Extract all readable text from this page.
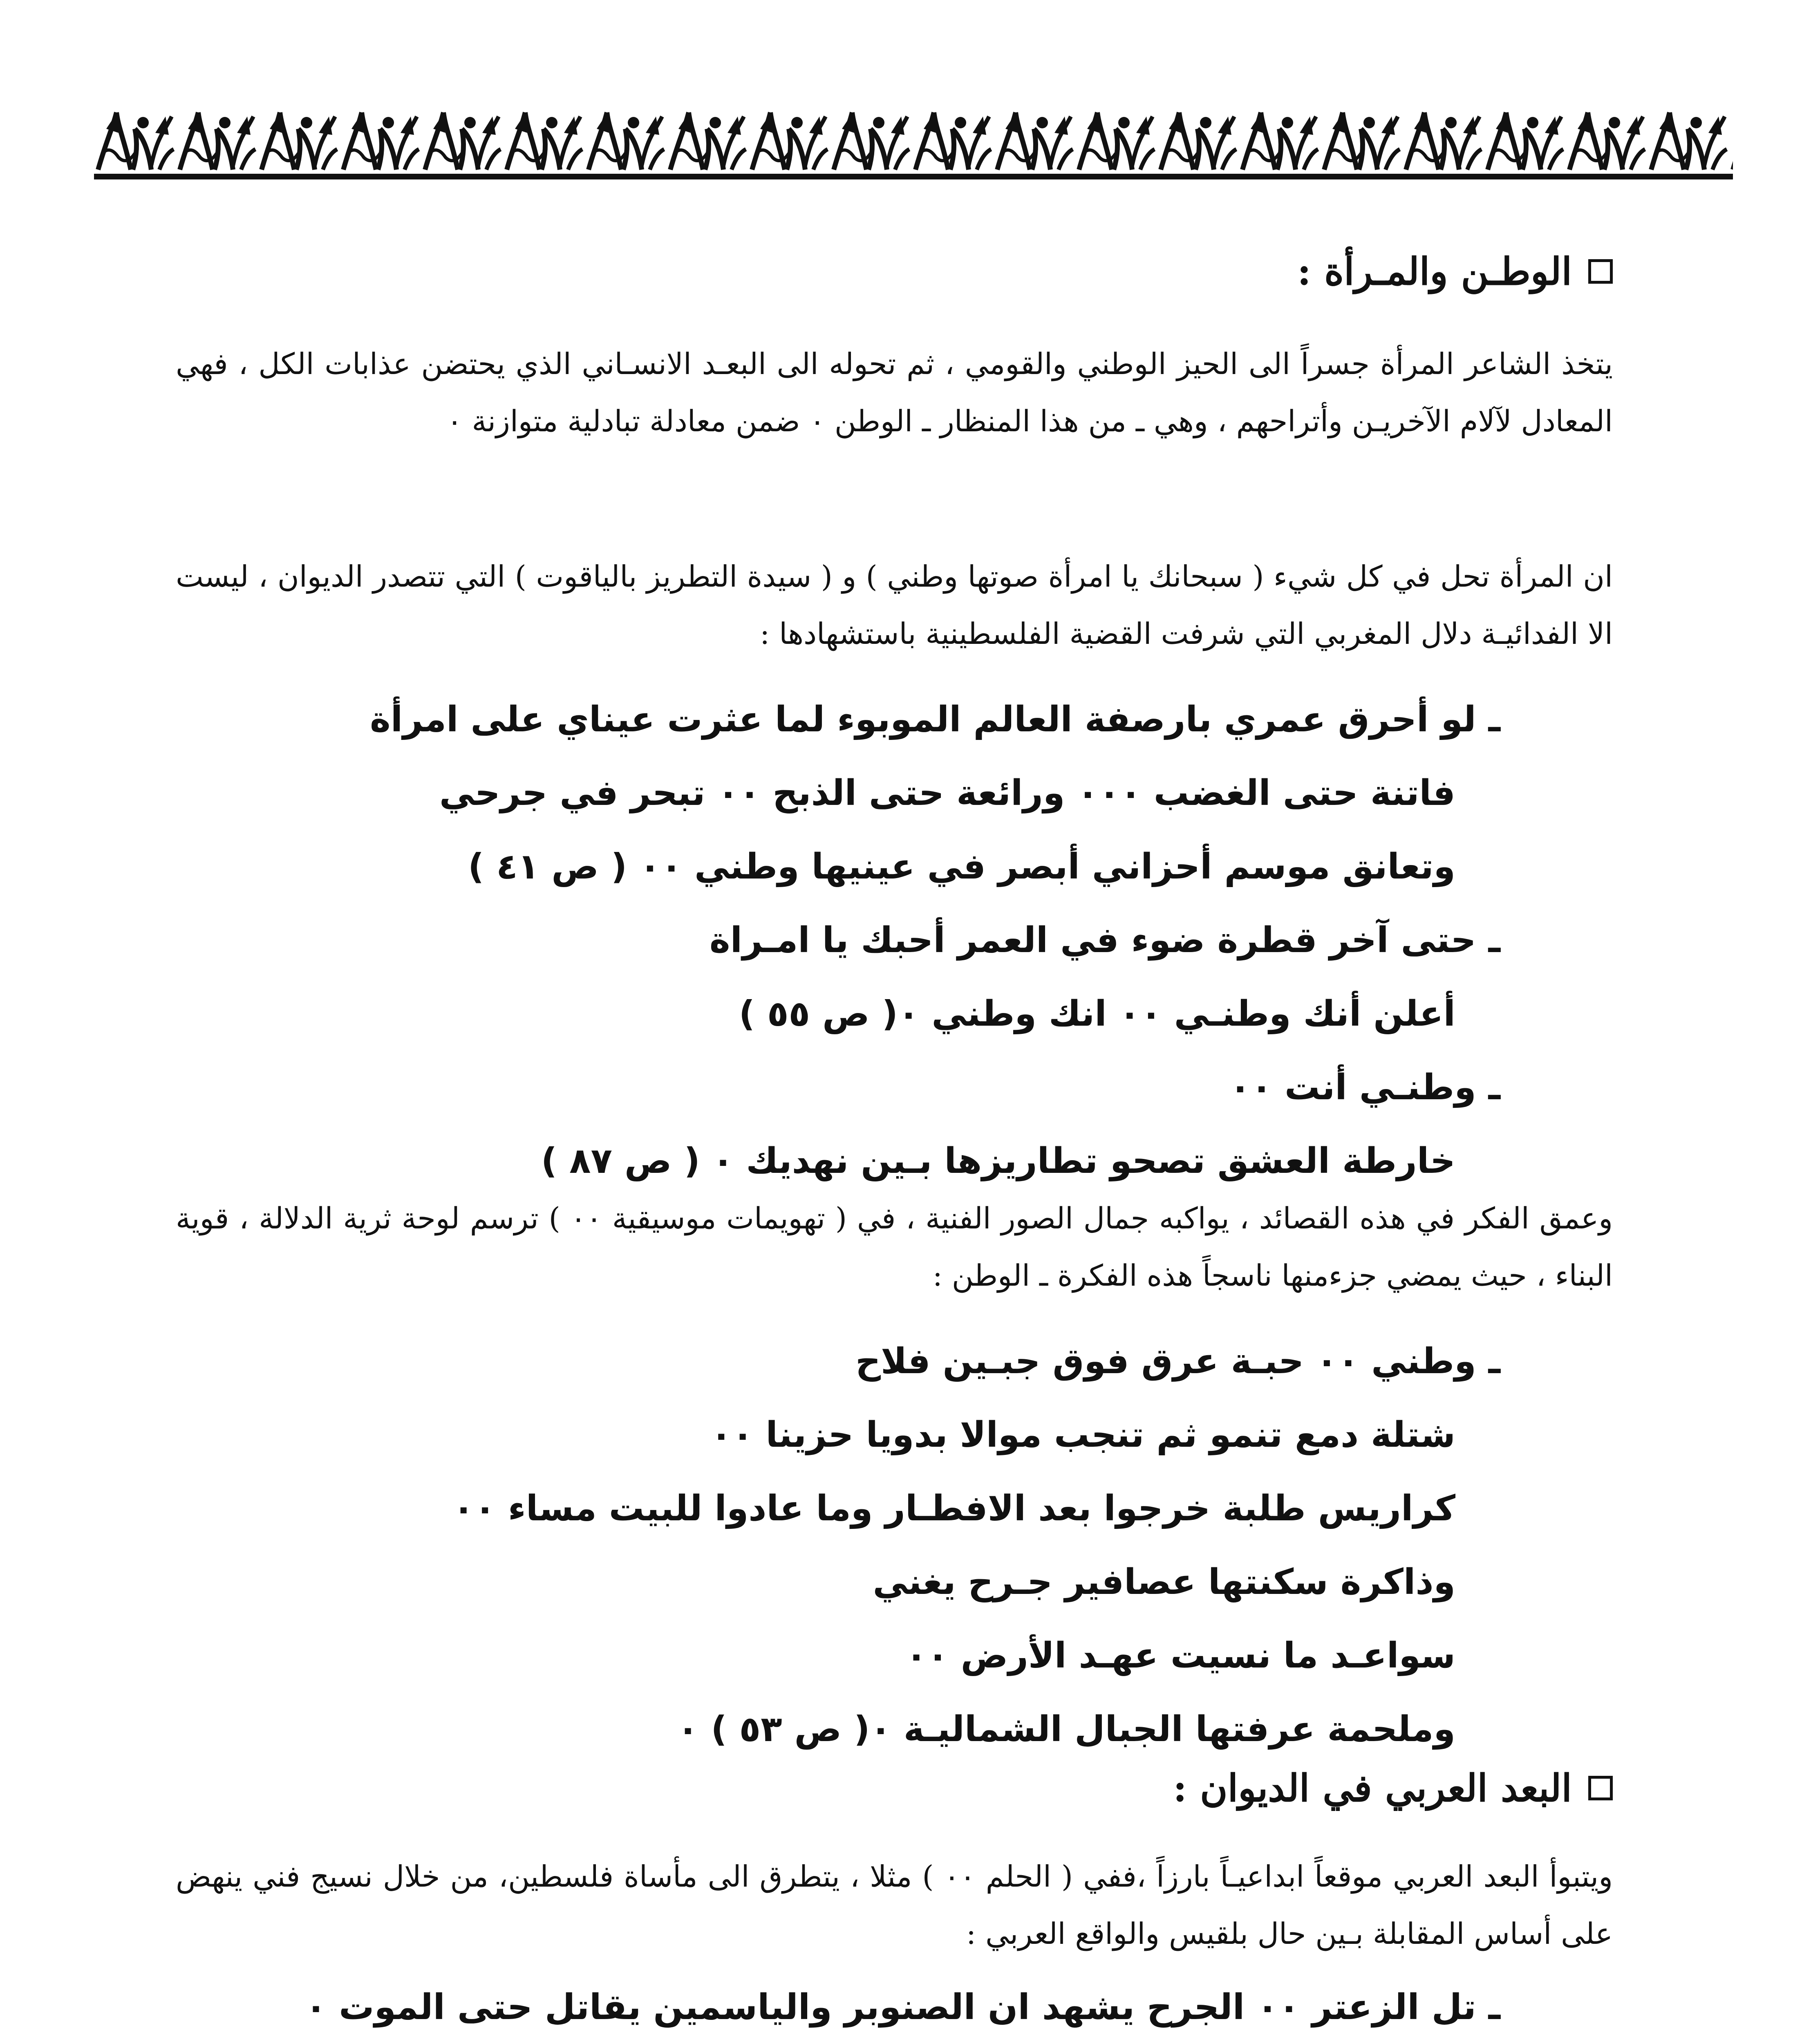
الوطـن والمـرأة :

يتخذ الشاعر المرأة جسراً الى الحيز الوطني والقومي ، ثم تحوله الى البعـد الانسـاني الذي يحتضن عذابات الكل ، فهي المعادل لآلام الآخريـن وأتراحهم ، وهي ـ من هذا المنظار ـ الوطن ٠ ضمن معادلة تبادلية متوازنة ٠

ان المرأة تحل في كل شيء ( سبحانك يا امرأة صوتها وطني ) و ( سيدة التطريز بالياقوت ) التي تتصدر الديوان ، ليست الا الفدائيـة دلال المغربي التي شرفت القضية الفلسطينية باستشهادها :

ـ لو أحرق عمري بارصفة العالم الموبوء لما عثرت عيناي على امرأة
فاتنة حتى الغضب ٠٠٠ ورائعة حتى الذبح ٠٠ تبحر في جرحي
وتعانق موسم أحزاني أبصر في عينيها وطني ٠٠ ( ص ٤١ )
ـ حتى آخر قطرة ضوء في العمر أحبك يا امـراة
أعلن أنك وطنـي ٠٠ انك وطني ٠( ص ٥٥ )
ـ وطنـي أنت ٠٠
خارطة العشق تصحو تطاريزها بـين نهديك ٠ ( ص ٨٧ )

وعمق الفكر في هذه القصائد ، يواكبه جمال الصور الفنية ، في ( تهويمات موسيقية ٠٠ ) ترسم لوحة ثرية الدلالة ، قوية البناء ، حيث يمضي جزءمنها ناسجاً هذه الفكرة ـ الوطن :

ـ وطني ٠٠ حبـة عرق فوق جبـين فلاح
شتلة دمع تنمو ثم تنجب موالا بدويا حزينا ٠٠
كراريس طلبة خرجوا بعد الافطـار وما عادوا للبيت مساء ٠٠
وذاكرة سكنتها عصافير جـرح يغني
سواعـد ما نسيت عهـد الأرض ٠٠
وملحمة عرفتها الجبال الشماليـة ٠( ص ٥٣ ) ٠
البعد العربي في الديوان :

ويتبوأ البعد العربي موقعاً ابداعيـاً بارزاً ،ففي ( الحلم ٠٠ ) مثلا ، يتطرق الى مأساة فلسطين، من خلال نسيج فني ينهض على أساس المقابلة بـين حال بلقيس والواقع العربي :

ـ تل الزعتر ٠٠ الجرح يشهد ان الصنوبر والياسمين يقاتل حتى الموت ٠
